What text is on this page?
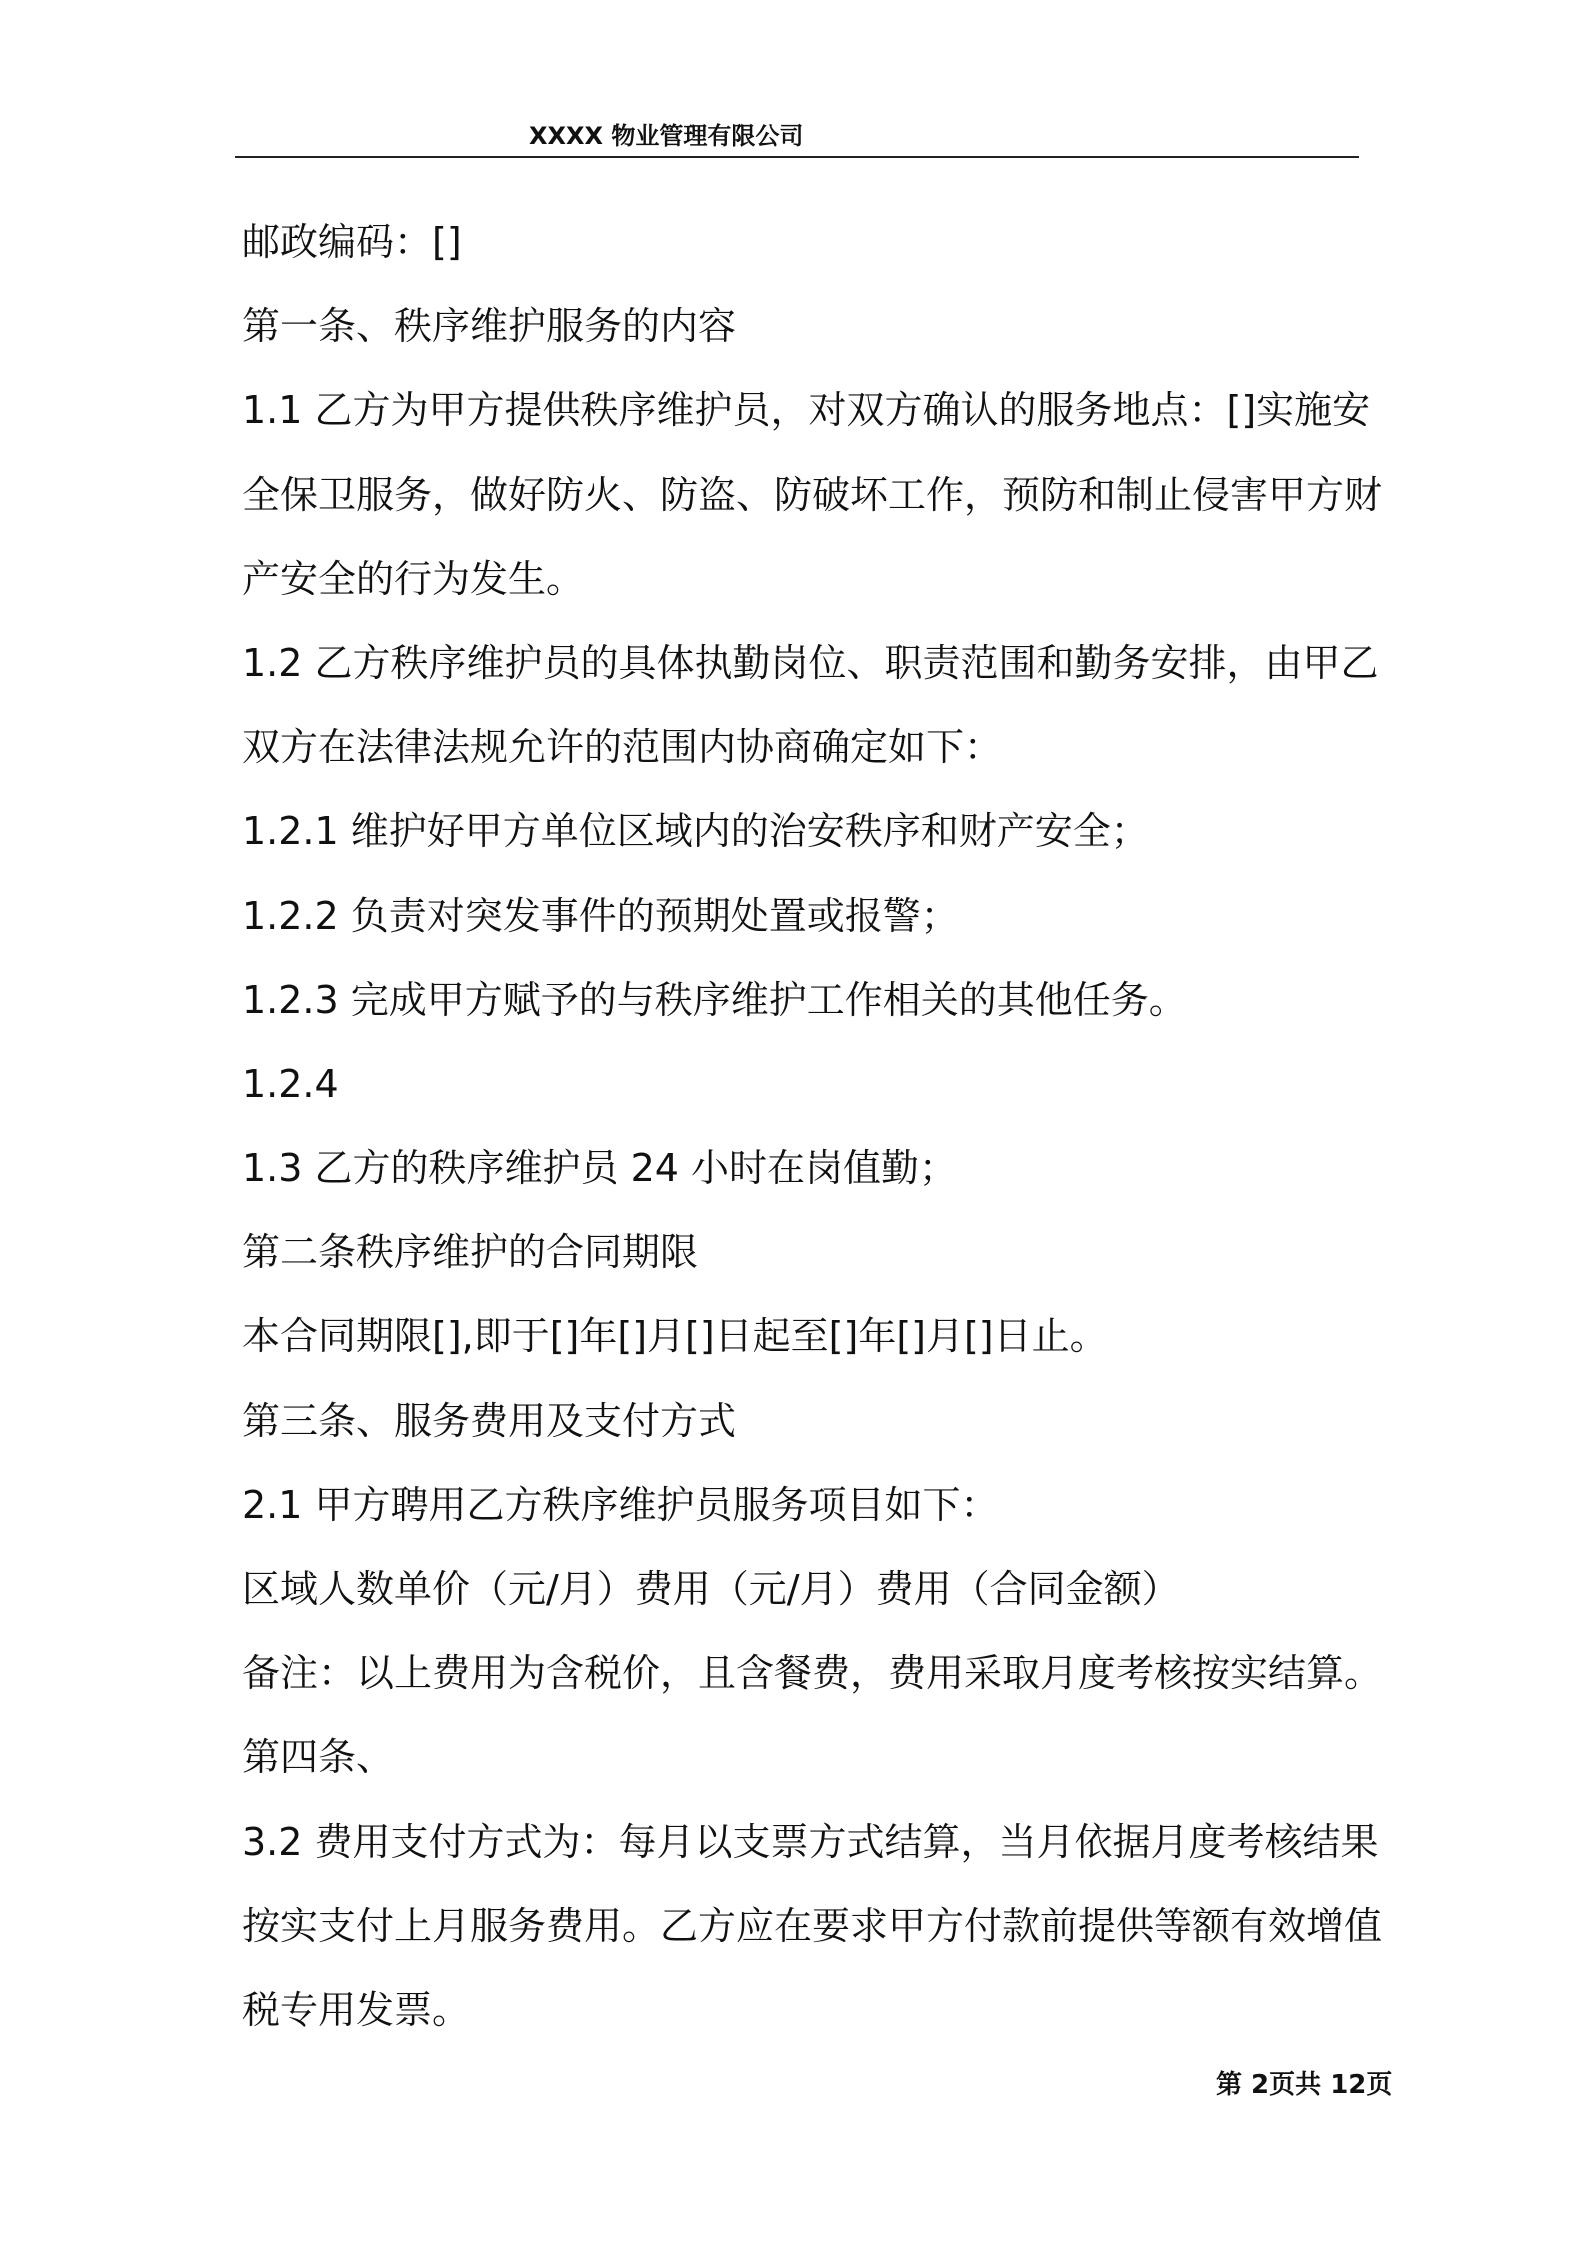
XXXX 物业管理有限公司
邮政编码：[]
第一条、秩序维护服务的内容
1.1 乙方为甲方提供秩序维护员，对双方确认的服务地点：[]实施安
全保卫服务，做好防火、防盗、防破坏工作，预防和制止侵害甲方财
产安全的行为发生。
1.2 乙方秩序维护员的具体执勤岗位、职责范围和勤务安排，由甲乙
双方在法律法规允许的范围内协商确定如下：
1.2.1 维护好甲方单位区域内的治安秩序和财产安全；
1.2.2 负责对突发事件的预期处置或报警；
1.2.3 完成甲方赋予的与秩序维护工作相关的其他任务。
1.2.4
1.3 乙方的秩序维护员 24 小时在岗值勤；
第二条秩序维护的合同期限
本合同期限[],即于[]年[]月[]日起至[]年[]月[]日止。
第三条、服务费用及支付方式
2.1 甲方聘用乙方秩序维护员服务项目如下：
区域人数单价（元/月）费用（元/月）费用（合同金额）
备注：以上费用为含税价，且含餐费，费用采取月度考核按实结算。
第四条、
3.2 费用支付方式为：每月以支票方式结算，当月依据月度考核结果
按实支付上月服务费用。乙方应在要求甲方付款前提供等额有效增值
税专用发票。
第 2页共 12页
